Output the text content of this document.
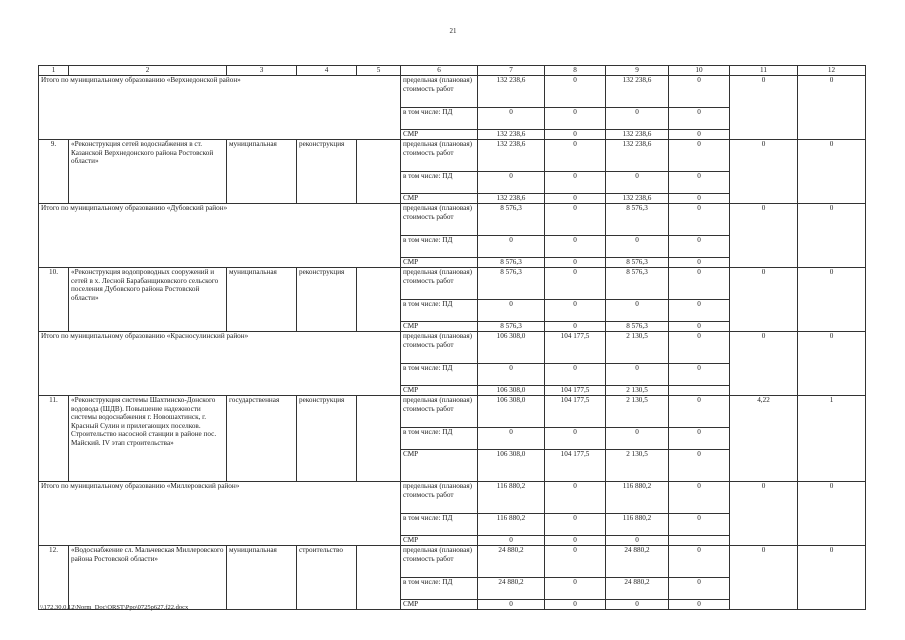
21
1	2	3	4	5	6	7	8	9	10	11	12
Итого по муниципальному образованию «Верхнедонской район»					предельная (плановая) стоимость работ	132 238,6	0	132 238,6	0	0	0
					в том числе: ПД	0	0	0	0		
					СМР	132 238,6	0	132 238,6	0		
9.	«Реконструкция сетей водоснабжения в ст. Казанской Верхнедонского района Ростовской области»	муниципальная	реконструкция		предельная (плановая) стоимость работ	132 238,6	0	132 238,6	0	0	0
					в том числе: ПД	0	0	0	0		
					СМР	132 238,6	0	132 238,6	0		
Итого по муниципальному образованию «Дубовский район»					предельная (плановая) стоимость работ	8 576,3	0	8 576,3	0	0	0
					в том числе: ПД	0	0	0	0		
					СМР	8 576,3	0	8 576,3	0		
10.	«Реконструкция водопроводных сооружений и сетей в х. Лесной Барабанщиковского сельского поселения Дубовского района Ростовской области»	муниципальная	реконструкция		предельная (плановая) стоимость работ	8 576,3	0	8 576,3	0	0	0
					в том числе: ПД	0	0	0	0		
					СМР	8 576,3	0	8 576,3	0		
Итого по муниципальному образованию «Красносулинский район»					предельная (плановая) стоимость работ	106 308,0	104 177,5	2 130,5	0	0	0
					в том числе: ПД	0	0	0	0		
					СМР	106 308,0	104 177,5	2 130,5			
11.	«Реконструкция системы Шахтинско-Донского водовода (ШДВ). Повышение надежности системы водоснабжения г. Новошахтинск, г. Красный Сулин и прилегающих поселков. Строительство насосной станции в районе пос. Майский. IV этап строительства»	государственная	реконструкция		предельная (плановая) стоимость работ	106 308,0	104 177,5	2 130,5	0	4,22	1
					в том числе: ПД	0	0	0	0		
					СМР	106 308,0	104 177,5	2 130,5	0		
Итого по муниципальному образованию «Миллеровский район»					предельная (плановая) стоимость работ	116 880,2	0	116 880,2	0	0	0
					в том числе: ПД	116 880,2	0	116 880,2	0		
					СМР	0	0	0			
12.	«Водоснабжение сл. Мальчевская Миллеровского района Ростовской области»	муниципальная	строительство		предельная (плановая) стоимость работ	24 880,2	0	24 880,2	0	0	0
					в том числе: ПД	24 880,2	0	24 880,2	0		
					СМР	0	0	0	0		
\\172.30.0.12\Norm_Doc\ORST\Ppo\0725p627.f22.docx
